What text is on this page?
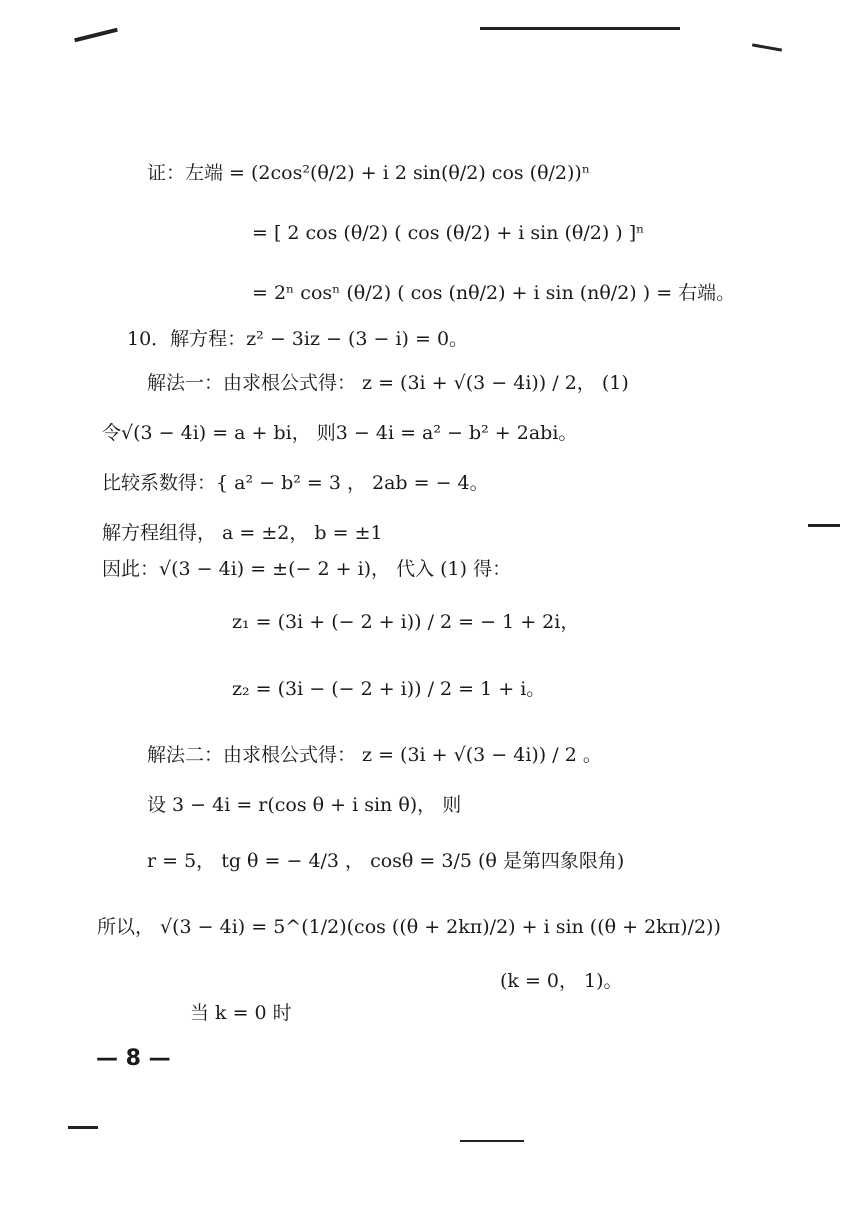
证：左端 = (2cos²(θ/2) + i 2 sin(θ/2) cos (θ/2))ⁿ
= [ 2 cos (θ/2) ( cos (θ/2) + i sin (θ/2) ) ]ⁿ
= 2ⁿ cosⁿ (θ/2) ( cos (nθ/2) + i sin (nθ/2) ) = 右端。
10．解方程：z² − 3iz − (3 − i) = 0。
解法一：由求根公式得： z = (3i + √(3 − 4i)) / 2， (1)
令√(3 − 4i) = a + bi， 则3 − 4i = a² − b² + 2abi。
比较系数得：{ a² − b² = 3 ， 2ab = − 4。
解方程组得， a = ±2， b = ±1
因此：√(3 − 4i) = ±(− 2 + i)， 代入 (1) 得：
z₁ = (3i + (− 2 + i)) / 2 = − 1 + 2i，
z₂ = (3i − (− 2 + i)) / 2 = 1 + i。
解法二：由求根公式得： z = (3i + √(3 − 4i)) / 2 。
设 3 − 4i = r(cos θ + i sin θ)， 则
r = 5， tg θ = − 4/3 ， cosθ = 3/5 (θ 是第四象限角)
所以， √(3 − 4i) = 5^(1/2)(cos ((θ + 2kπ)/2) + i sin ((θ + 2kπ)/2))
(k = 0， 1)。
当 k = 0 时
— 8 —
